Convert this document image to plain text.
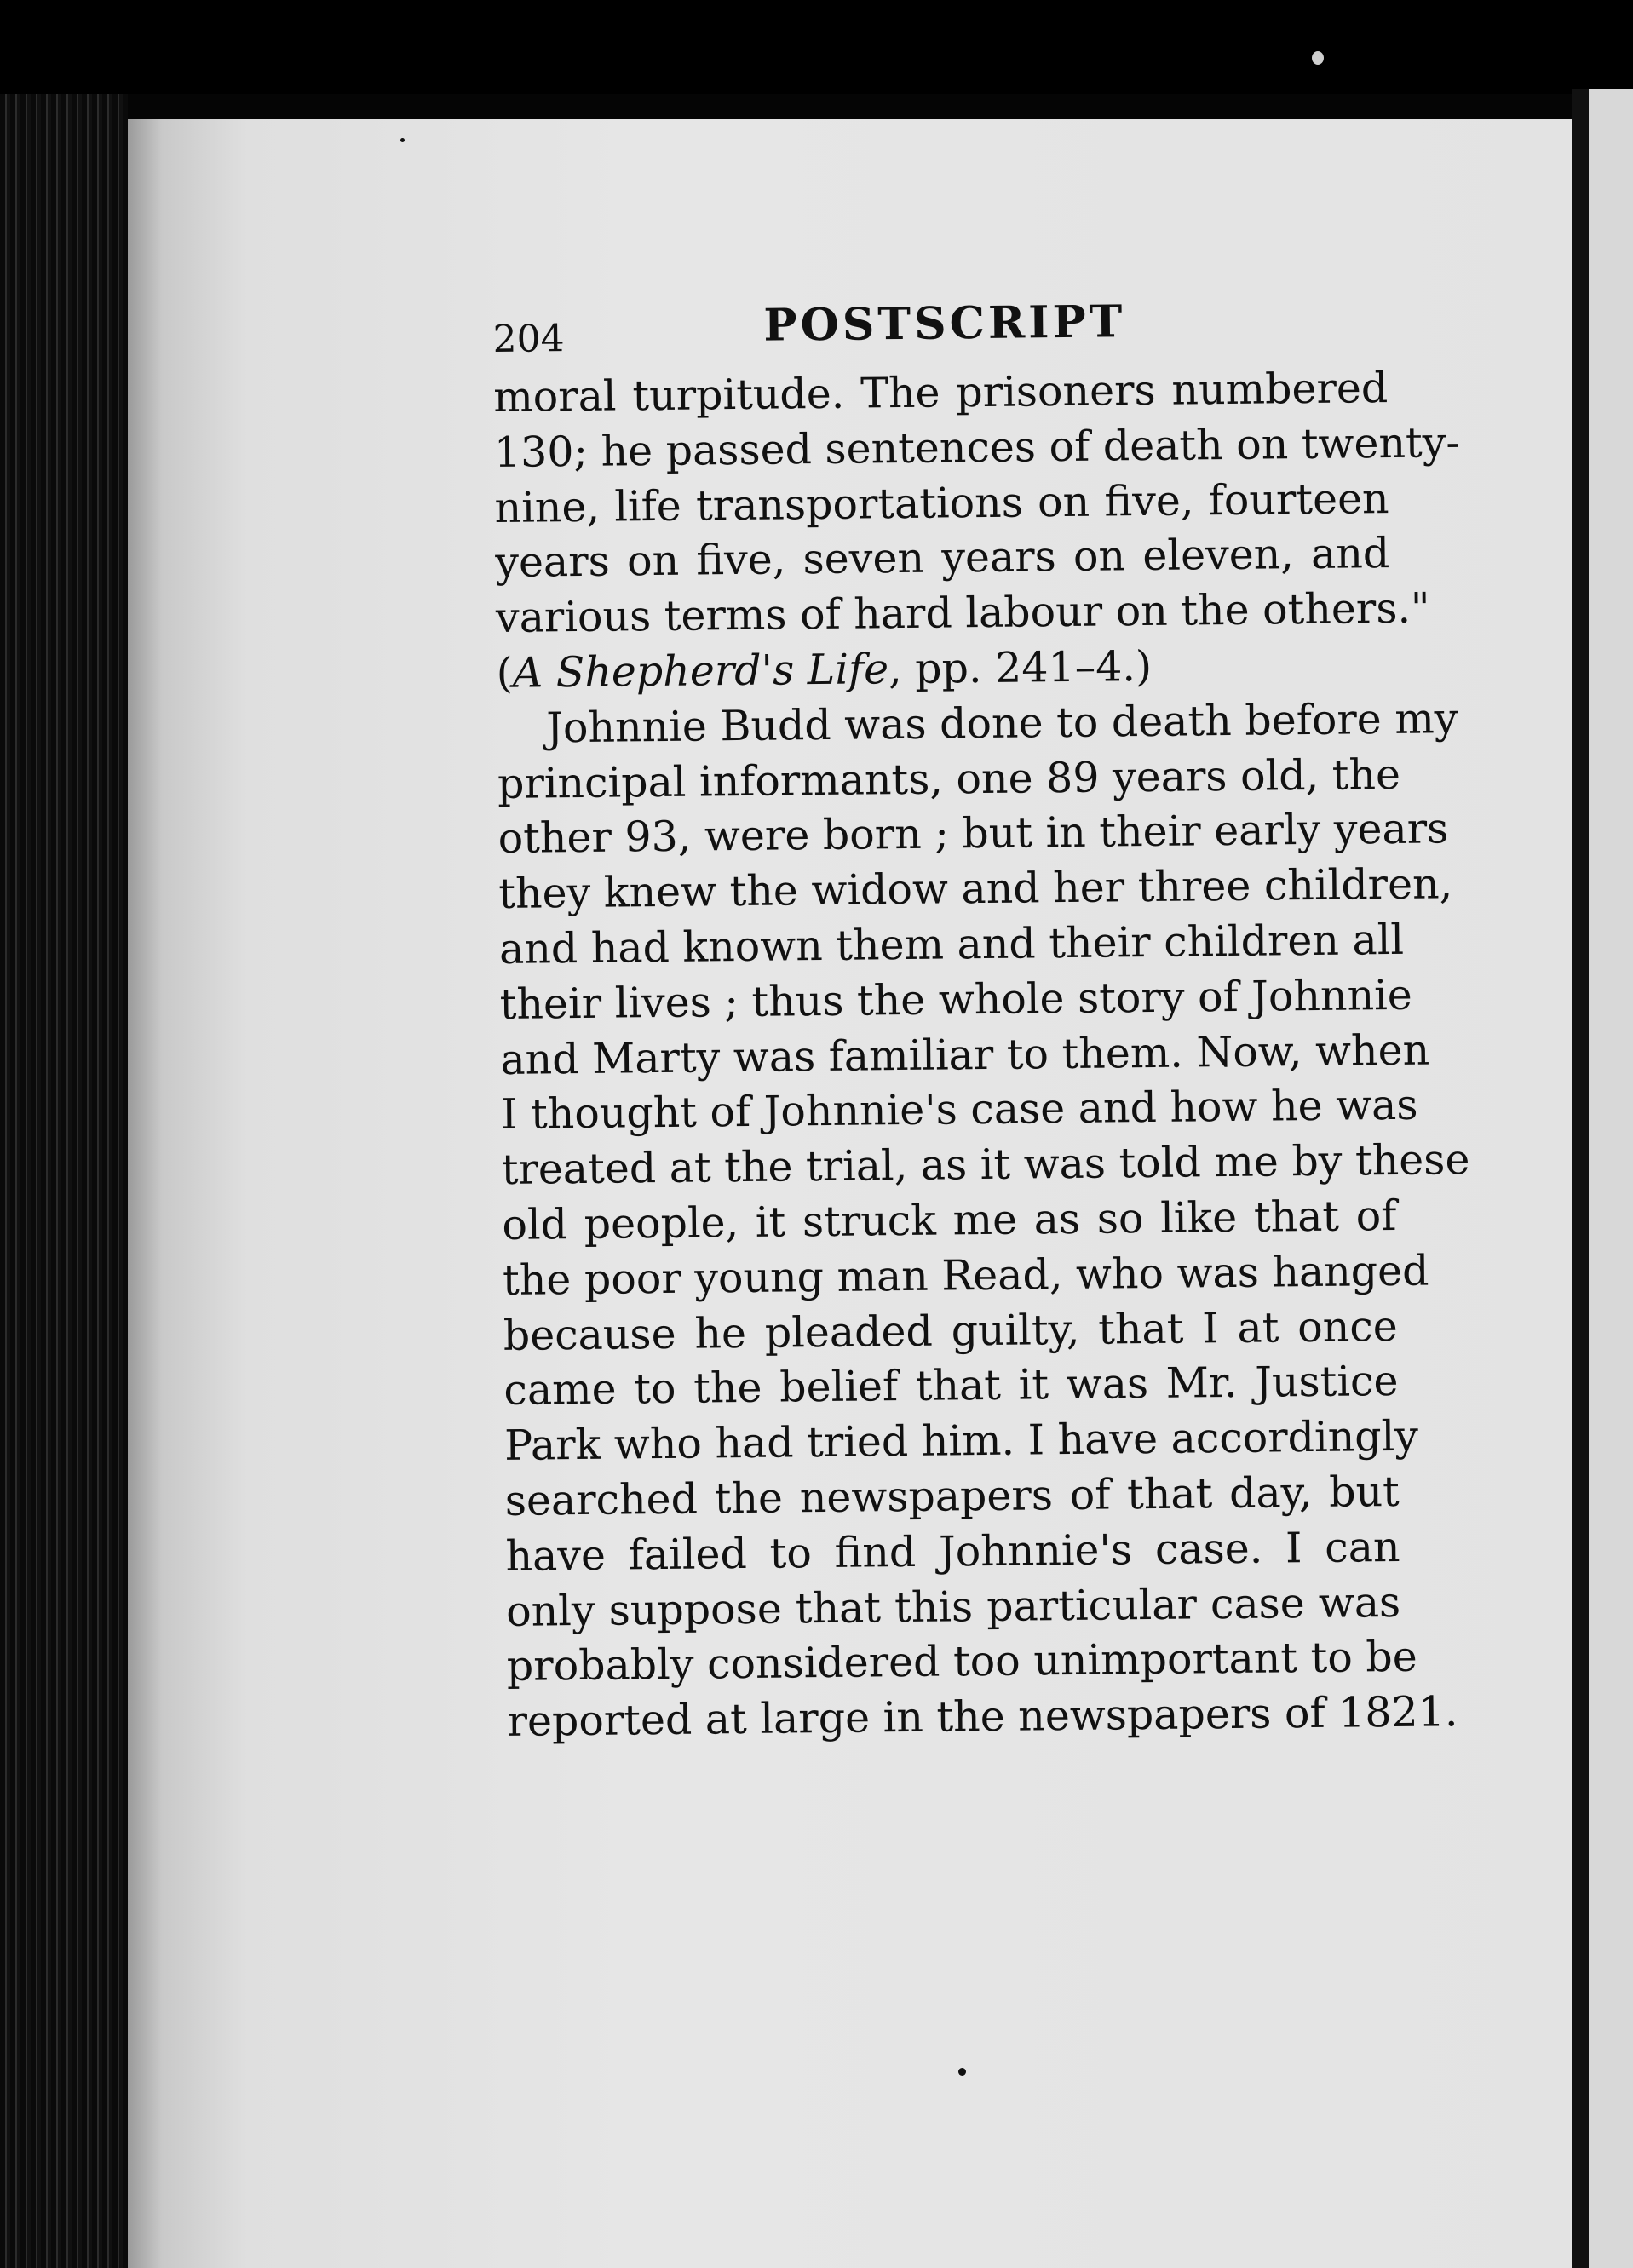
204	POSTSCRIPT
moral turpitude. The prisoners numbered
130; he passed sentences of death on twenty-
nine, life transportations on five, fourteen
years on five, seven years on eleven, and
various terms of hard labour on the others."
(A Shepherd's Life, pp. 241–4.)
Johnnie Budd was done to death before my
principal informants, one 89 years old, the
other 93, were born ; but in their early years
they knew the widow and her three children,
and had known them and their children all
their lives ; thus the whole story of Johnnie
and Marty was familiar to them. Now, when
I thought of Johnnie's case and how he was
treated at the trial, as it was told me by these
old people, it struck me as so like that of
the poor young man Read, who was hanged
because he pleaded guilty, that I at once
came to the belief that it was Mr. Justice
Park who had tried him. I have accordingly
searched the newspapers of that day, but
have failed to find Johnnie's case. I can
only suppose that this particular case was
probably considered too unimportant to be
reported at large in the newspapers of 1821.
